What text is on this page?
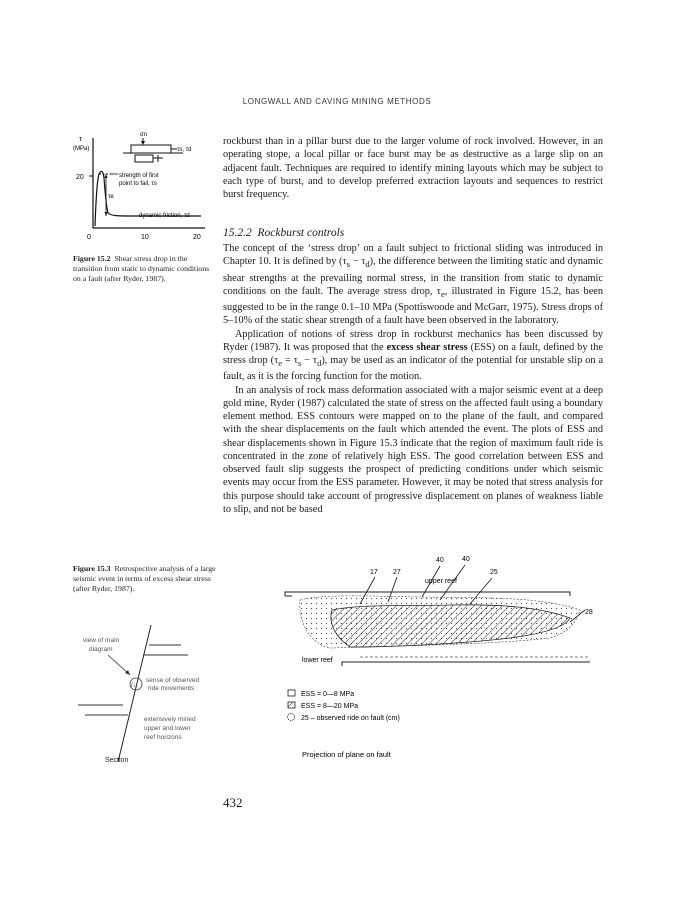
LONGWALL AND CAVING MINING METHODS

rockburst than in a pillar burst due to the larger volume of rock involved. However, in an operating stope, a local pillar or face burst may be as destructive as a large slip on an adjacent fault. Techniques are required to identify mining layouts which may be subject to each type of burst, and to develop preferred extraction layouts and sequences to restrict burst frequency.

15.2.2 Rockburst controls

The concept of the ‘stress drop’ on a fault subject to frictional sliding was introduced in Chapter 10. It is defined by $(\tau_s - \tau_d)$, the difference between the limiting static and dynamic shear strengths at the prevailing normal stress, in the transition from static to dynamic conditions on the fault. The average stress drop, $\tau_e$, illustrated in Figure 15.2, has been suggested to be in the range 0.1–10 MPa (Spottiswoode and McGarr, 1975). Stress drops of 5–10% of the static shear strength of a fault have been observed in the laboratory.

Application of notions of stress drop in rockburst mechanics has been discussed by Ryder (1987). It was proposed that the excess shear stress (ESS) on a fault, defined by the stress drop $(\tau_e = \tau_s - \tau_d)$, may be used as an indicator of the potential for unstable slip on a fault, as it is the forcing function for the motion.

In an analysis of rock mass deformation associated with a major seismic event at a deep gold mine, Ryder (1987) calculated the state of stress on the affected fault using a boundary element method. ESS contours were mapped on to the plane of the fault, and compared with the shear displacements on the fault which attended the event. The plots of ESS and shear displacements shown in Figure 15.3 indicate that the region of maximum fault ride is concentrated in the zone of relatively high ESS. The good correlation between ESS and observed fault slip suggests the prospect of predicting conditions under which seismic events may occur from the ESS parameter. However, it may be noted that stress analysis for this purpose should take account of progressive displacement on planes of weakness liable to slip, and not be based

τ
(MPa)
20
0	10	20
σn
τs, τd
τe
strength of first
point to fail, τs
dynamic friction, τd
Figure 15.2 Shear stress drop in the transition from static to dynamic conditions on a fault (after Ryder, 1987).
Figure 15.3 Retrospective analysis of a large seismic event in terms of excess shear stress (after Ryder, 1987).
view of main
diagram
/↓
sense of observed
ride movements
extensively mined
upper and lower
reef horizons
Section
17 27
40	40
25
28
upper reef
lower reef
ESS = 0—8 MPa
ESS = 8—20 MPa
25 – observed ride on fault (cm)
Projection of plane on fault
432
